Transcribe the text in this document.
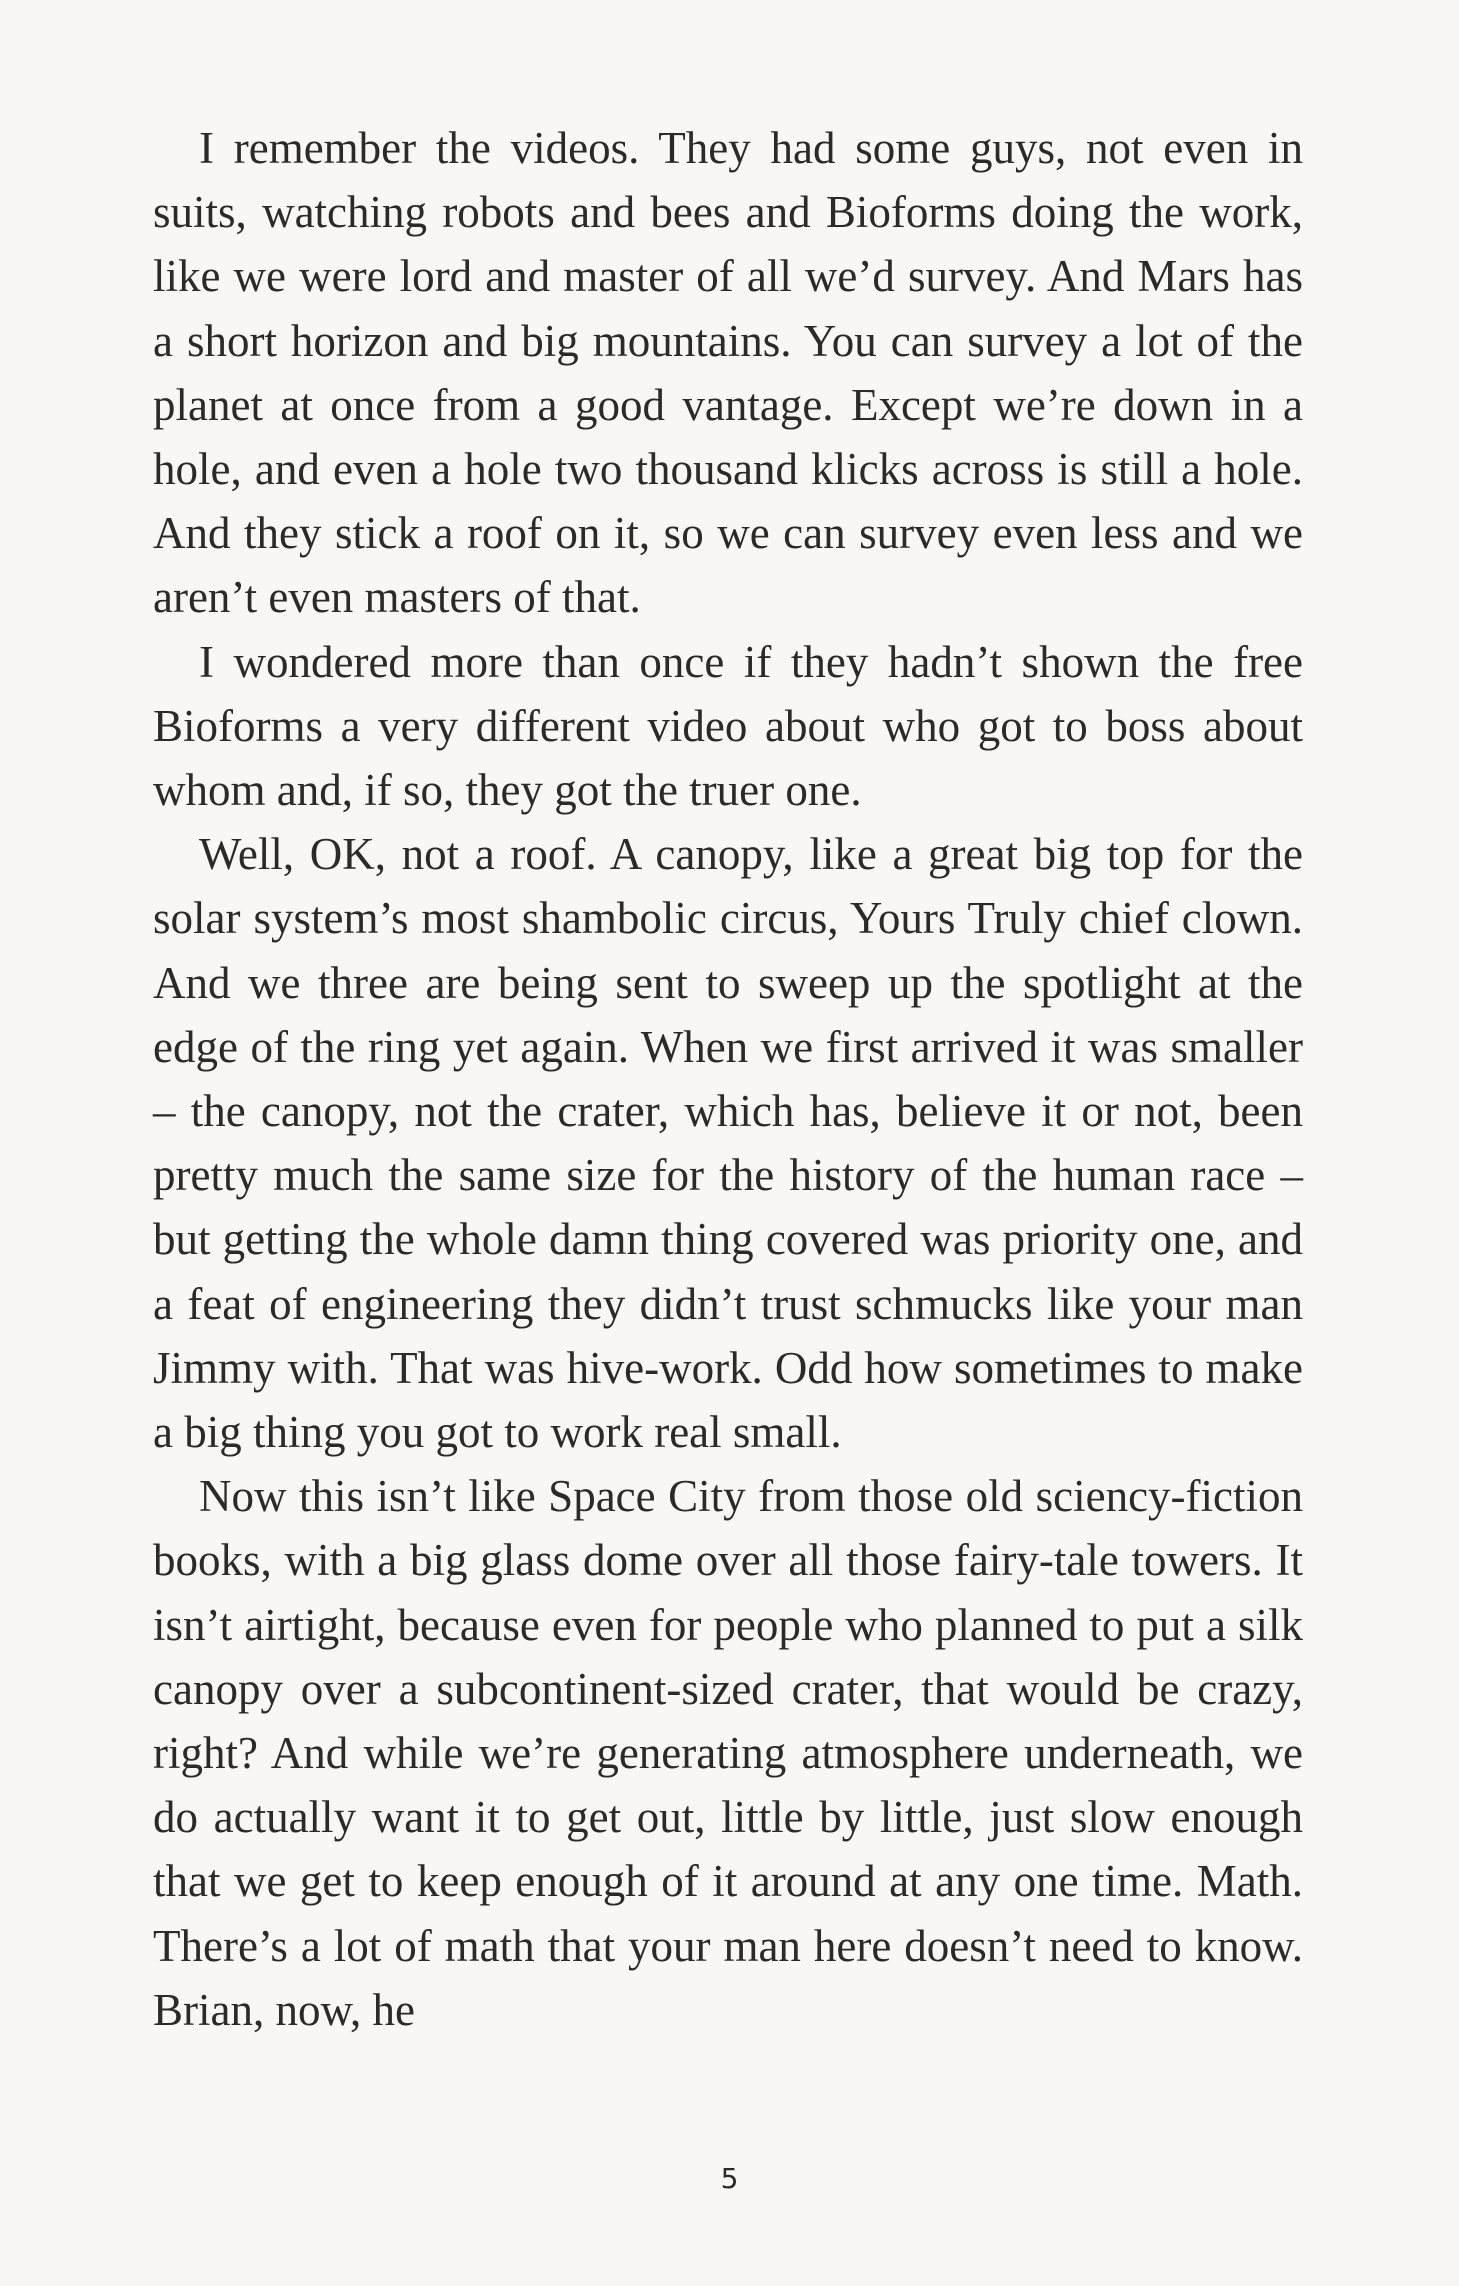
I remember the videos. They had some guys, not even in suits, watching robots and bees and Bioforms doing the work, like we were lord and master of all we’d survey. And Mars has a short horizon and big mountains. You can survey a lot of the planet at once from a good vantage. Except we’re down in a hole, and even a hole two thousand klicks across is still a hole. And they stick a roof on it, so we can survey even less and we aren’t even masters of that.

I wondered more than once if they hadn’t shown the free Bioforms a very different video about who got to boss about whom and, if so, they got the truer one.

Well, OK, not a roof. A canopy, like a great big top for the solar system’s most shambolic circus, Yours Truly chief clown. And we three are being sent to sweep up the spotlight at the edge of the ring yet again. When we first arrived it was smaller – the canopy, not the crater, which has, believe it or not, been pretty much the same size for the history of the human race – but getting the whole damn thing covered was priority one, and a feat of engineering they didn’t trust schmucks like your man Jimmy with. That was hive-work. Odd how sometimes to make a big thing you got to work real small.

Now this isn’t like Space City from those old sciency-fiction books, with a big glass dome over all those fairy-tale towers. It isn’t airtight, because even for people who planned to put a silk canopy over a subcontinent-sized crater, that would be crazy, right? And while we’re generating atmosphere underneath, we do actually want it to get out, little by little, just slow enough that we get to keep enough of it around at any one time. Math. There’s a lot of math that your man here doesn’t need to know. Brian, now, he

5
